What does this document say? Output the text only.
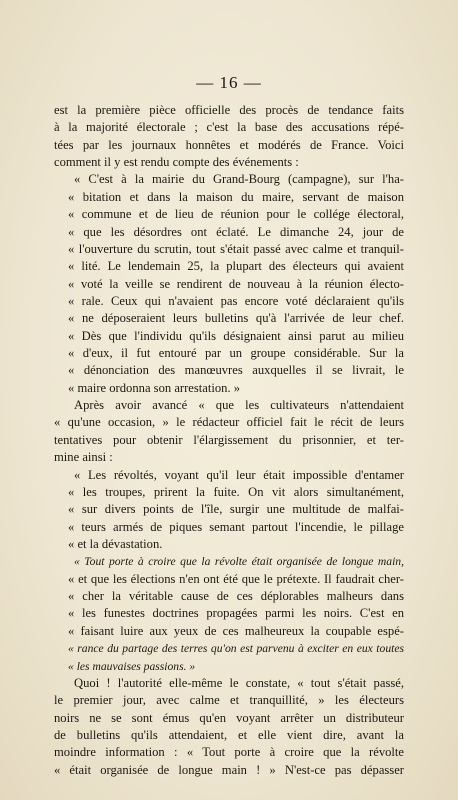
— 16 —
est la première pièce officielle des procès de tendance faits
à la majorité électorale ; c'est la base des accusations répé-
tées par les journaux honnêtes et modérés de France. Voici
comment il y est rendu compte des événements :
« C'est à la mairie du Grand-Bourg (campagne), sur l'ha-
« bitation et dans la maison du maire, servant de maison
« commune et de lieu de réunion pour le collége électoral,
« que les désordres ont éclaté. Le dimanche 24, jour de
« l'ouverture du scrutin, tout s'était passé avec calme et tranquil-
« lité. Le lendemain 25, la plupart des électeurs qui avaient
« voté la veille se rendirent de nouveau à la réunion électo-
« rale. Ceux qui n'avaient pas encore voté déclaraient qu'ils
« ne déposeraient leurs bulletins qu'à l'arrivée de leur chef.
« Dès que l'individu qu'ils désignaient ainsi parut au milieu
« d'eux, il fut entouré par un groupe considérable. Sur la
« dénonciation des manœuvres auxquelles il se livrait, le
« maire ordonna son arrestation. »
Après avoir avancé « que les cultivateurs n'attendaient
« qu'une occasion, » le rédacteur officiel fait le récit de leurs
tentatives pour obtenir l'élargissement du prisonnier, et ter-
mine ainsi :
« Les révoltés, voyant qu'il leur était impossible d'entamer
« les troupes, prirent la fuite. On vit alors simultanément,
« sur divers points de l'île, surgir une multitude de malfai-
« teurs armés de piques semant partout l'incendie, le pillage
« et la dévastation.
« Tout porte à croire que la révolte était organisée de longue main,
« et que les élections n'en ont été que le prétexte. Il faudrait cher-
« cher la véritable cause de ces déplorables malheurs dans
« les funestes doctrines propagées parmi les noirs. C'est en
« faisant luire aux yeux de ces malheureux la coupable espé-
« rance du partage des terres qu'on est parvenu à exciter en eux toutes
« les mauvaises passions. »
Quoi ! l'autorité elle-même le constate, « tout s'était passé,
le premier jour, avec calme et tranquillité, » les électeurs
noirs ne se sont émus qu'en voyant arrêter un distributeur
de bulletins qu'ils attendaient, et elle vient dire, avant la
moindre information : « Tout porte à croire que la révolte
« était organisée de longue main ! » N'est-ce pas dépasser
